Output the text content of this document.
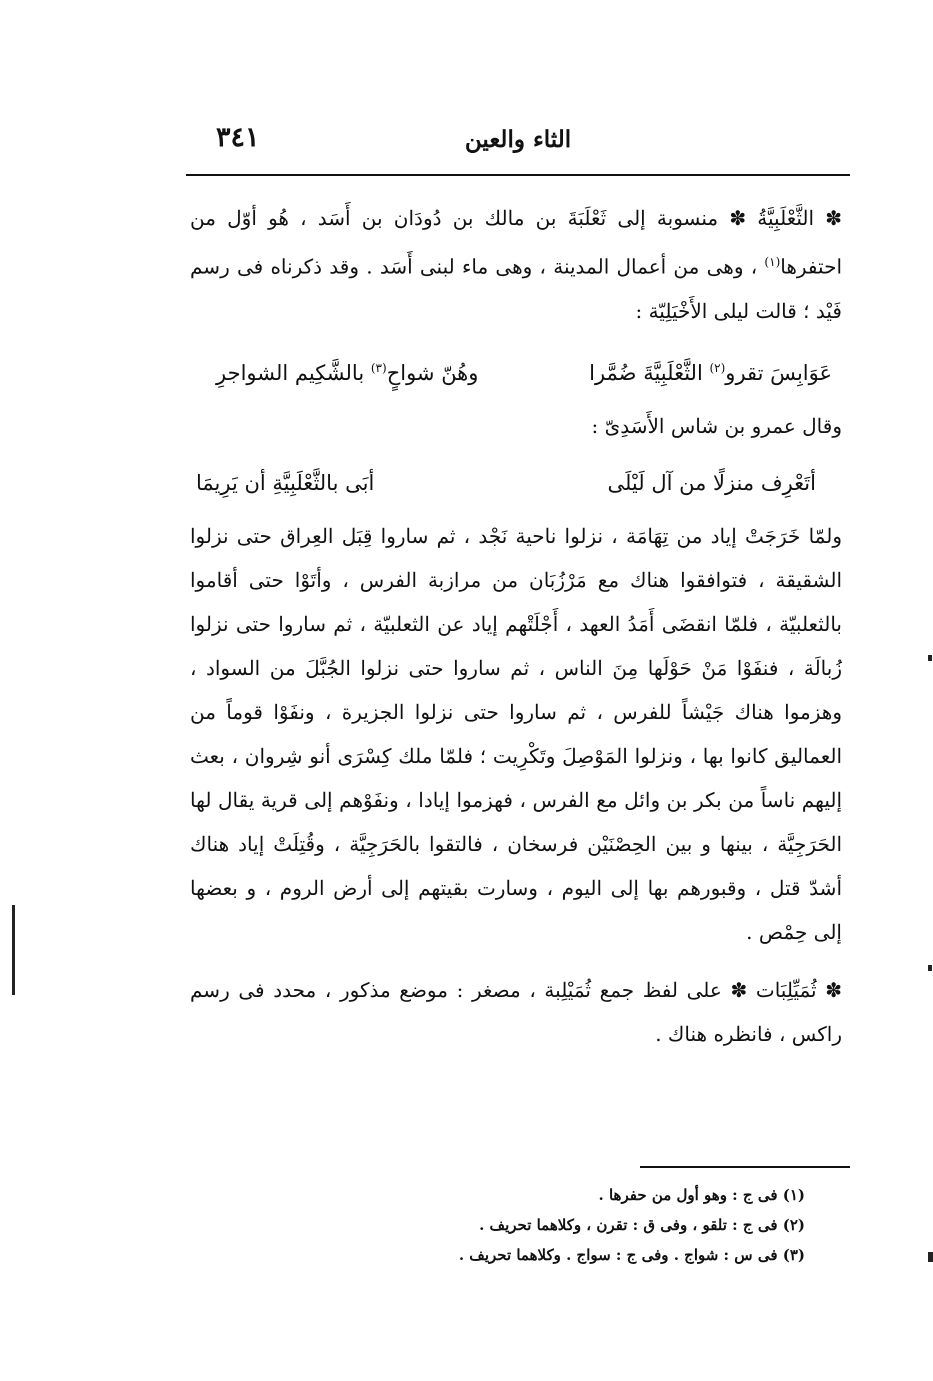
الثاء والعين
٣٤١

✽ الثَّعْلَبِيَّةُ ✽ منسوبة إلى ثَعْلَبَةَ بن مالك بن دُودَان بن أَسَد ، هُو أوّل من احتفرها$^{(١)}$ ، وهى من أعمال المدينة ، وهى ماء لبنى أَسَد . وقد ذكرناه فى رسم فَيْد ؛ قالت ليلى الأَخْيَلِيّة :

عَوَابِسَ تقرو$^{(٢)}$ الثَّعْلَبِيَّةَ ضُمَّرا
وهُنّ شواحٍ$^{(٣)}$ بالشَّكِيم الشواجرِ

وقال عمرو بن شاس الأَسَدِىّ :

أتَعْرِف منزلًا من آل لَيْلَى
أبَى بالثَّعْلَبِيَّةِ أن يَرِيمَا

ولمّا خَرَجَتْ إياد من تِهَامَة ، نزلوا ناحية نَجْد ، ثم ساروا قِبَل العِراق حتى نزلوا الشقيقة ، فتوافقوا هناك مع مَرْزُبَان من مرازبة الفرس ، وأتَوْا حتى أقاموا بالثعلبيّة ، فلمّا انقضَى أَمَدُ العهد ، أَجْلَتْهم إياد عن الثعلبيّة ، ثم ساروا حتى نزلوا زُبالَة ، فنفَوْا مَنْ حَوْلَها مِنَ الناس ، ثم ساروا حتى نزلوا الجُبَّلَ من السواد ، وهزموا هناك جَيْشاً للفرس ، ثم ساروا حتى نزلوا الجزيرة ، ونفَوْا قوماً من العماليق كانوا بها ، ونزلوا المَوْصِلَ وتَكْرِيت ؛ فلمّا ملك كِسْرَى أنو شِروان ، بعث إليهم ناساً من بكر بن وائل مع الفرس ، فهزموا إيادا ، ونفَوْهم إلى قرية يقال لها الحَرَجِيَّة ، بينها و بين الحِصْنَيْن فرسخان ، فالتقوا بالحَرَجِيَّة ، وقُتِلَتْ إياد هناك أشدّ قتل ، وقبورهم بها إلى اليوم ، وسارت بقيتهم إلى أرض الروم ، و بعضها إلى حِمْص .

✽ ثُمَيِّلِبَات ✽ على لفظ جمع ثُمَيْلِبة ، مصغر : موضع مذكور ، محدد فى رسم راكس ، فانظره هناك .

(١) فى ج : وهو أول من حفرها .
(٢) فى ج : تلقو ، وفى ق : تقرن ، وكلاهما تحريف .
(٣) فى س : شواج . وفى ج : سواج . وكلاهما تحريف .
